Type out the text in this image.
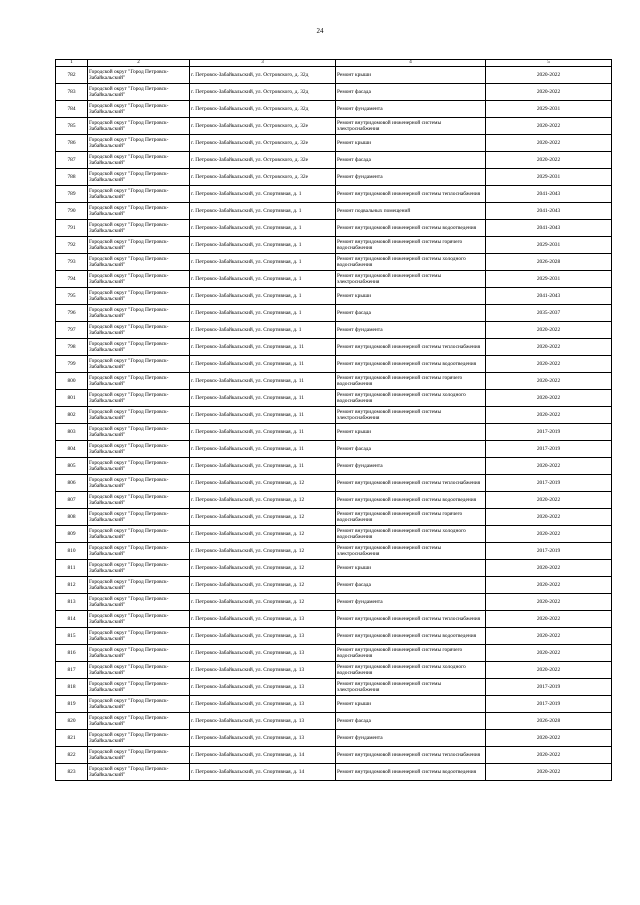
24
1	2	3	4	5
782	Городской округ "Город Петровск-Забайкальский"	г. Петровск-Забайкальский, ул. Островского, д. 32д	Ремонт крыши	2020-2022
783	Городской округ "Город Петровск-Забайкальский"	г. Петровск-Забайкальский, ул. Островского, д. 32д	Ремонт фасада	2020-2022
784	Городской округ "Город Петровск-Забайкальский"	г. Петровск-Забайкальский, ул. Островского, д. 32д	Ремонт фундамента	2029-2031
785	Городской округ "Город Петровск-Забайкальский"	г. Петровск-Забайкальский, ул. Островского, д. 32е	Ремонт внутридомовой инженерной системы электроснабжения	2020-2022
786	Городской округ "Город Петровск-Забайкальский"	г. Петровск-Забайкальский, ул. Островского, д. 32е	Ремонт крыши	2020-2022
787	Городской округ "Город Петровск-Забайкальский"	г. Петровск-Забайкальский, ул. Островского, д. 32е	Ремонт фасада	2020-2022
788	Городской округ "Город Петровск-Забайкальский"	г. Петровск-Забайкальский, ул. Островского, д. 32е	Ремонт фундамента	2029-2031
789	Городской округ "Город Петровск-Забайкальский"	г. Петровск-Забайкальский, ул. Спортивная, д. 1	Ремонт внутридомовой инженерной системы теплоснабжения	2041-2043
790	Городской округ "Город Петровск-Забайкальский"	г. Петровск-Забайкальский, ул. Спортивная, д. 1	Ремонт подвальных помещений	2041-2043
791	Городской округ "Город Петровск-Забайкальский"	г. Петровск-Забайкальский, ул. Спортивная, д. 1	Ремонт внутридомовой инженерной системы водоотведения	2041-2043
792	Городской округ "Город Петровск-Забайкальский"	г. Петровск-Забайкальский, ул. Спортивная, д. 1	Ремонт внутридомовой инженерной системы горячего водоснабжения	2029-2031
793	Городской округ "Город Петровск-Забайкальский"	г. Петровск-Забайкальский, ул. Спортивная, д. 1	Ремонт внутридомовой инженерной системы холодного водоснабжения	2026-2028
794	Городской округ "Город Петровск-Забайкальский"	г. Петровск-Забайкальский, ул. Спортивная, д. 1	Ремонт внутридомовой инженерной системы электроснабжения	2029-2031
795	Городской округ "Город Петровск-Забайкальский"	г. Петровск-Забайкальский, ул. Спортивная, д. 1	Ремонт крыши	2041-2043
796	Городской округ "Город Петровск-Забайкальский"	г. Петровск-Забайкальский, ул. Спортивная, д. 1	Ремонт фасада	2035-2037
797	Городской округ "Город Петровск-Забайкальский"	г. Петровск-Забайкальский, ул. Спортивная, д. 1	Ремонт фундамента	2020-2022
798	Городской округ "Город Петровск-Забайкальский"	г. Петровск-Забайкальский, ул. Спортивная, д. 11	Ремонт внутридомовой инженерной системы теплоснабжения	2020-2022
799	Городской округ "Город Петровск-Забайкальский"	г. Петровск-Забайкальский, ул. Спортивная, д. 11	Ремонт внутридомовой инженерной системы водоотведения	2020-2022
800	Городской округ "Город Петровск-Забайкальский"	г. Петровск-Забайкальский, ул. Спортивная, д. 11	Ремонт внутридомовой инженерной системы горячего водоснабжения	2020-2022
801	Городской округ "Город Петровск-Забайкальский"	г. Петровск-Забайкальский, ул. Спортивная, д. 11	Ремонт внутридомовой инженерной системы холодного водоснабжения	2020-2022
802	Городской округ "Город Петровск-Забайкальский"	г. Петровск-Забайкальский, ул. Спортивная, д. 11	Ремонт внутридомовой инженерной системы электроснабжения	2020-2022
803	Городской округ "Город Петровск-Забайкальский"	г. Петровск-Забайкальский, ул. Спортивная, д. 11	Ремонт крыши	2017-2019
804	Городской округ "Город Петровск-Забайкальский"	г. Петровск-Забайкальский, ул. Спортивная, д. 11	Ремонт фасада	2017-2019
805	Городской округ "Город Петровск-Забайкальский"	г. Петровск-Забайкальский, ул. Спортивная, д. 11	Ремонт фундамента	2020-2022
806	Городской округ "Город Петровск-Забайкальский"	г. Петровск-Забайкальский, ул. Спортивная, д. 12	Ремонт внутридомовой инженерной системы теплоснабжения	2017-2019
807	Городской округ "Город Петровск-Забайкальский"	г. Петровск-Забайкальский, ул. Спортивная, д. 12	Ремонт внутридомовой инженерной системы водоотведения	2020-2022
808	Городской округ "Город Петровск-Забайкальский"	г. Петровск-Забайкальский, ул. Спортивная, д. 12	Ремонт внутридомовой инженерной системы горячего водоснабжения	2020-2022
809	Городской округ "Город Петровск-Забайкальский"	г. Петровск-Забайкальский, ул. Спортивная, д. 12	Ремонт внутридомовой инженерной системы холодного водоснабжения	2020-2022
810	Городской округ "Город Петровск-Забайкальский"	г. Петровск-Забайкальский, ул. Спортивная, д. 12	Ремонт внутридомовой инженерной системы электроснабжения	2017-2019
811	Городской округ "Город Петровск-Забайкальский"	г. Петровск-Забайкальский, ул. Спортивная, д. 12	Ремонт крыши	2020-2022
812	Городской округ "Город Петровск-Забайкальский"	г. Петровск-Забайкальский, ул. Спортивная, д. 12	Ремонт фасада	2020-2022
813	Городской округ "Город Петровск-Забайкальский"	г. Петровск-Забайкальский, ул. Спортивная, д. 12	Ремонт фундамента	2020-2022
814	Городской округ "Город Петровск-Забайкальский"	г. Петровск-Забайкальский, ул. Спортивная, д. 13	Ремонт внутридомовой инженерной системы теплоснабжения	2020-2022
815	Городской округ "Город Петровск-Забайкальский"	г. Петровск-Забайкальский, ул. Спортивная, д. 13	Ремонт внутридомовой инженерной системы водоотведения	2020-2022
816	Городской округ "Город Петровск-Забайкальский"	г. Петровск-Забайкальский, ул. Спортивная, д. 13	Ремонт внутридомовой инженерной системы горячего водоснабжения	2020-2022
817	Городской округ "Город Петровск-Забайкальский"	г. Петровск-Забайкальский, ул. Спортивная, д. 13	Ремонт внутридомовой инженерной системы холодного водоснабжения	2020-2022
818	Городской округ "Город Петровск-Забайкальский"	г. Петровск-Забайкальский, ул. Спортивная, д. 13	Ремонт внутридомовой инженерной системы электроснабжения	2017-2019
819	Городской округ "Город Петровск-Забайкальский"	г. Петровск-Забайкальский, ул. Спортивная, д. 13	Ремонт крыши	2017-2019
820	Городской округ "Город Петровск-Забайкальский"	г. Петровск-Забайкальский, ул. Спортивная, д. 13	Ремонт фасада	2026-2028
821	Городской округ "Город Петровск-Забайкальский"	г. Петровск-Забайкальский, ул. Спортивная, д. 13	Ремонт фундамента	2020-2022
822	Городской округ "Город Петровск-Забайкальский"	г. Петровск-Забайкальский, ул. Спортивная, д. 14	Ремонт внутридомовой инженерной системы теплоснабжения	2020-2022
823	Городской округ "Город Петровск-Забайкальский"	г. Петровск-Забайкальский, ул. Спортивная, д. 14	Ремонт внутридомовой инженерной системы водоотведения	2020-2022
